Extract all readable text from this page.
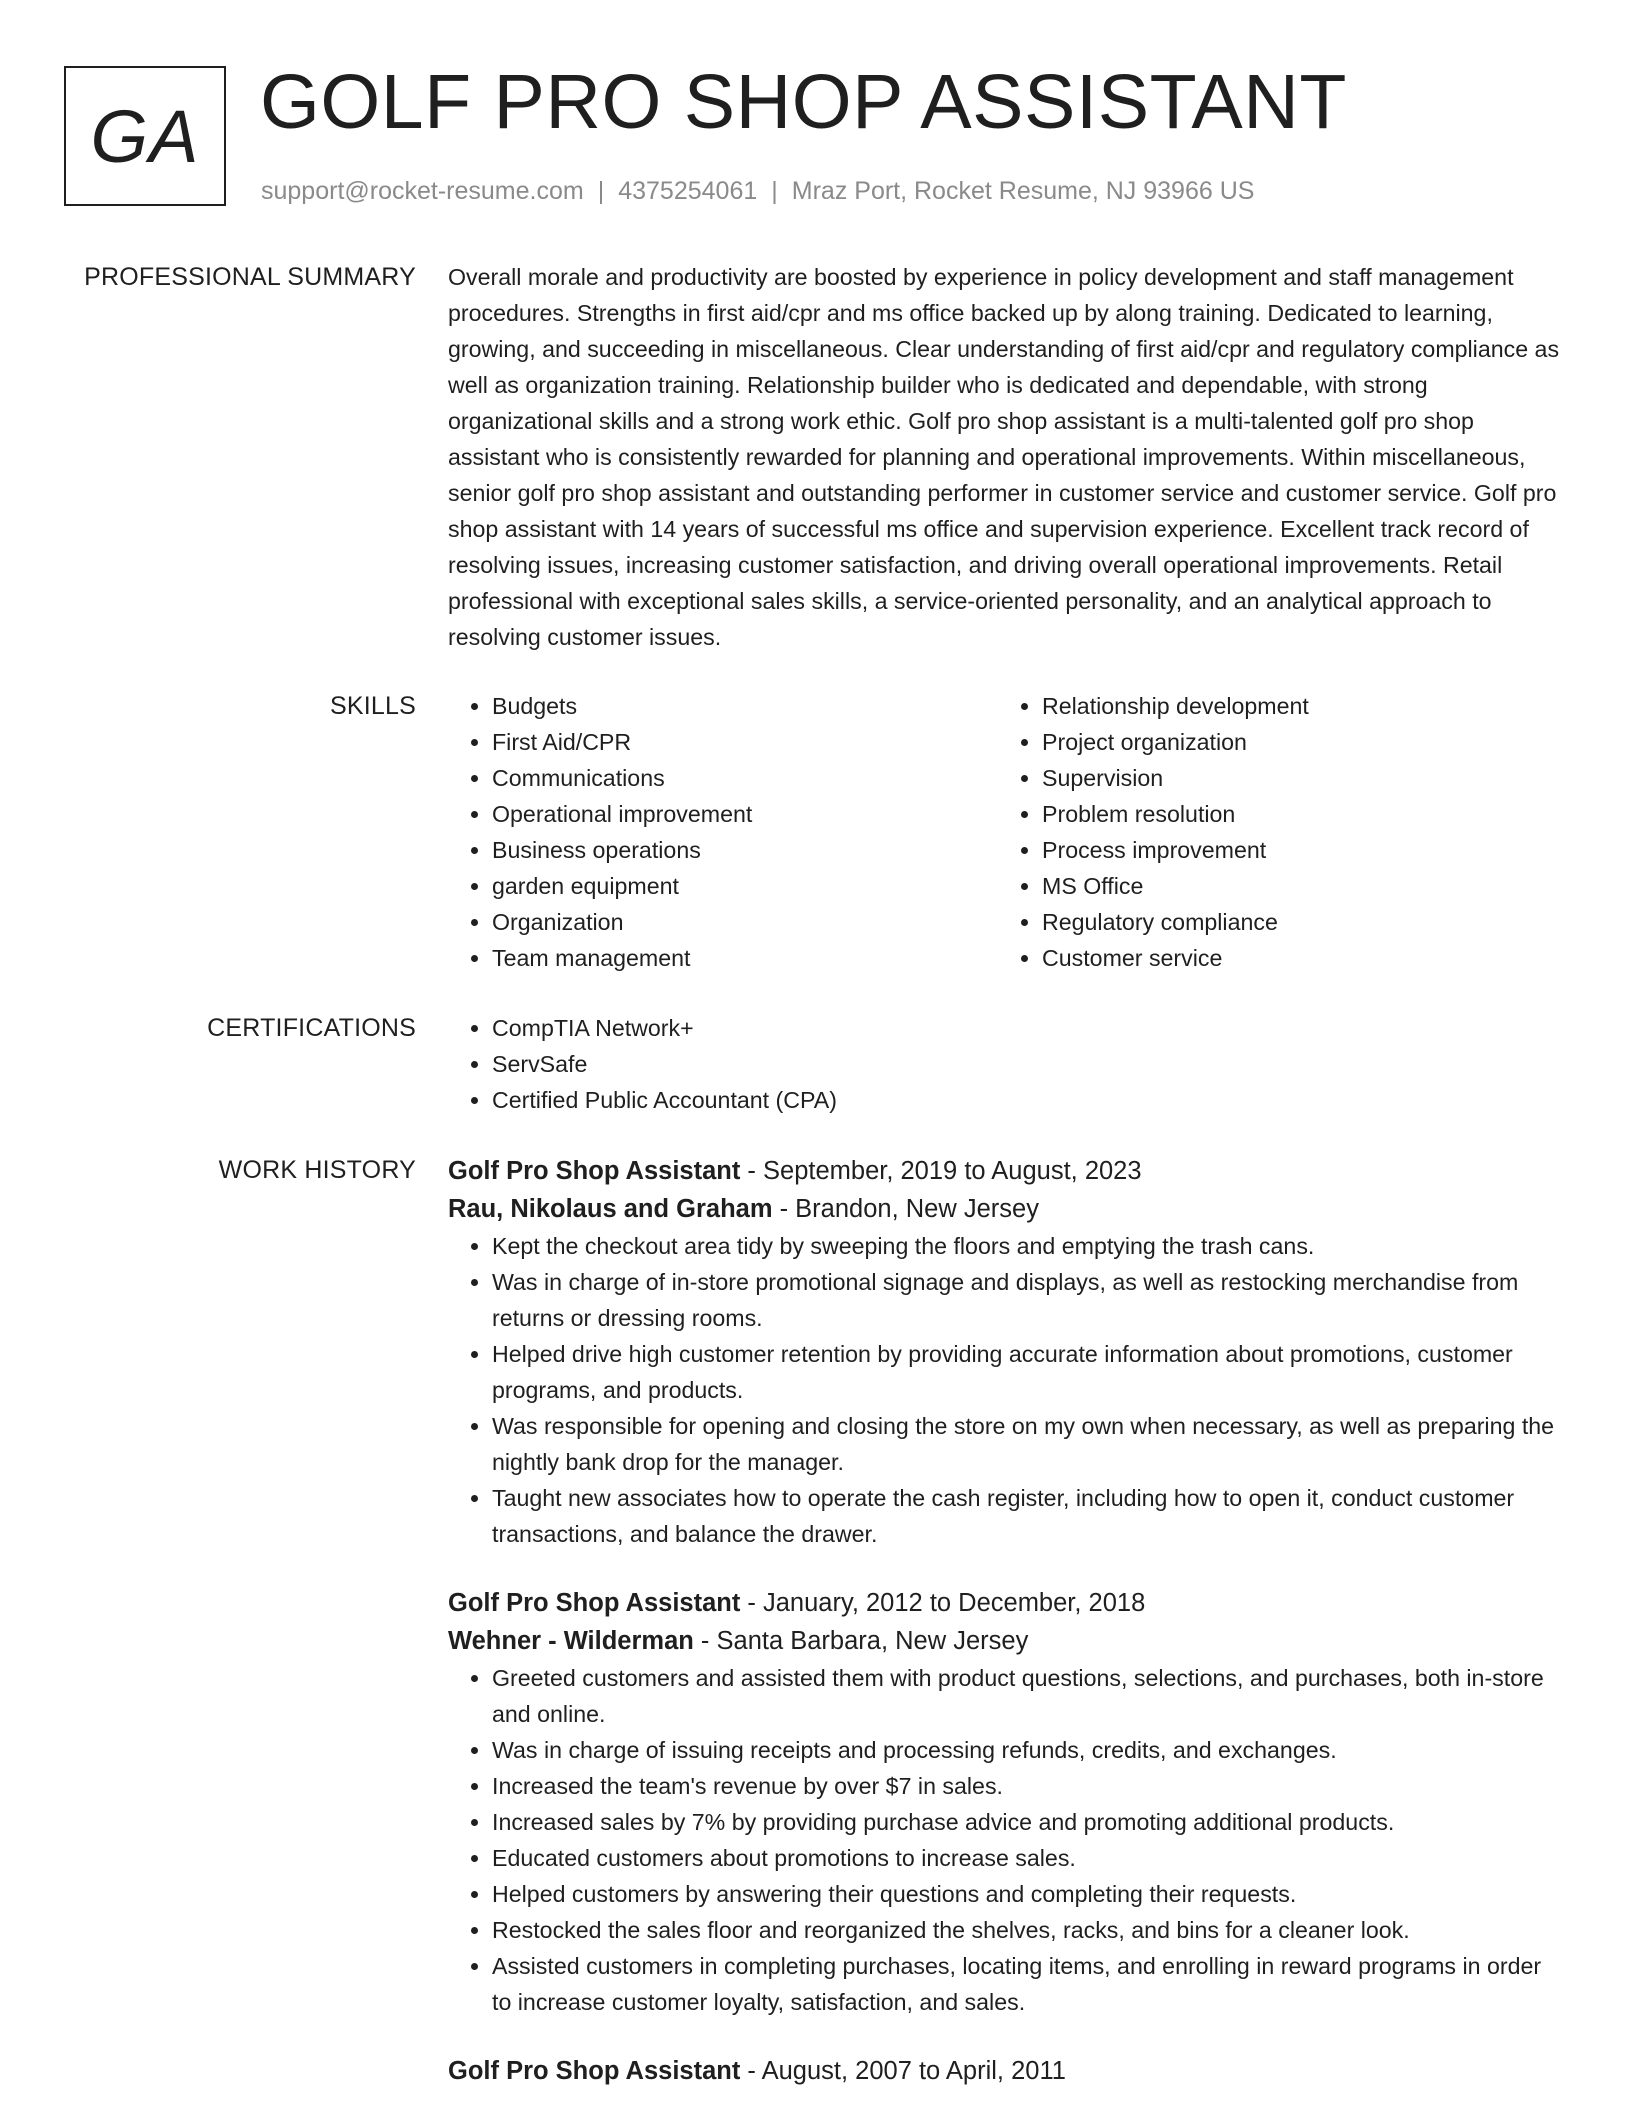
GA GOLF PRO SHOP ASSISTANT
support@rocket-resume.com | 4375254061 | Mraz Port, Rocket Resume, NJ 93966 US
PROFESSIONAL SUMMARY Overall morale and productivity are boosted by experience in policy development and staff management procedures. Strengths in first aid/cpr and ms office backed up by along training. Dedicated to learning, growing, and succeeding in miscellaneous. Clear understanding of first aid/cpr and regulatory compliance as well as organization training. Relationship builder who is dedicated and dependable, with strong organizational skills and a strong work ethic. Golf pro shop assistant is a multi-talented golf pro shop assistant who is consistently rewarded for planning and operational improvements. Within miscellaneous, senior golf pro shop assistant and outstanding performer in customer service and customer service. Golf pro shop assistant with 14 years of successful ms office and supervision experience. Excellent track record of resolving issues, increasing customer satisfaction, and driving overall operational improvements. Retail professional with exceptional sales skills, a service-oriented personality, and an analytical approach to resolving customer issues.

SKILLS	• Budgets
• First Aid/CPR
• Communications
• Operational improvement
• Business operations
• garden equipment
• Organization
• Team management
• Relationship development
• Project organization
• Supervision
• Problem resolution
• Process improvement
• MS Office
• Regulatory compliance
• Customer service
CERTIFICATIONS	• CompTIA Network+
• ServSafe
• Certified Public Accountant (CPA)
WORK HISTORY Golf Pro Shop Assistant - September, 2019 to August, 2023
Rau, Nikolaus and Graham - Brandon, New Jersey
• Kept the checkout area tidy by sweeping the floors and emptying the trash cans.
• Was in charge of in-store promotional signage and displays, as well as restocking merchandise from returns or dressing rooms.
• Helped drive high customer retention by providing accurate information about promotions, customer programs, and products.
• Was responsible for opening and closing the store on my own when necessary, as well as preparing the nightly bank drop for the manager.
• Taught new associates how to operate the cash register, including how to open it, conduct customer transactions, and balance the drawer.
Golf Pro Shop Assistant - January, 2012 to December, 2018
Wehner - Wilderman - Santa Barbara, New Jersey
• Greeted customers and assisted them with product questions, selections, and purchases, both in-store and online.
• Was in charge of issuing receipts and processing refunds, credits, and exchanges.
• Increased the team's revenue by over $7 in sales.
• Increased sales by 7% by providing purchase advice and promoting additional products.
• Educated customers about promotions to increase sales.
• Helped customers by answering their questions and completing their requests.
• Restocked the sales floor and reorganized the shelves, racks, and bins for a cleaner look.
• Assisted customers in completing purchases, locating items, and enrolling in reward programs in order to increase customer loyalty, satisfaction, and sales.
Golf Pro Shop Assistant - August, 2007 to April, 2011
